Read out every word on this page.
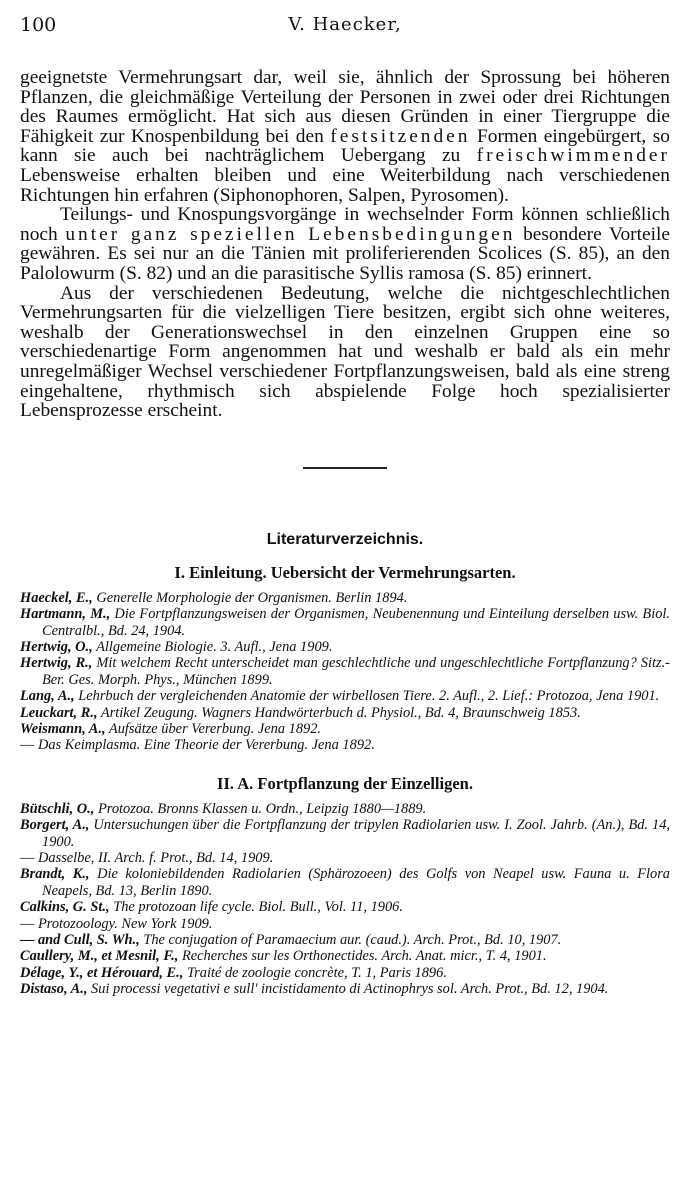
100	V. Haecker,

geeignetste Vermehrungsart dar, weil sie, ähnlich der Sprossung bei höheren Pflanzen, die gleichmäßige Verteilung der Personen in zwei oder drei Richtungen des Raumes ermöglicht. Hat sich aus diesen Gründen in einer Tiergruppe die Fähigkeit zur Knospenbildung bei den festsitzenden Formen eingebürgert, so kann sie auch bei nachträglichem Uebergang zu freischwimmender Lebensweise erhalten bleiben und eine Weiterbildung nach verschiedenen Richtungen hin erfahren (Siphonophoren, Salpen, Pyrosomen).

Teilungs- und Knospungsvorgänge in wechselnder Form können schließlich noch unter ganz speziellen Lebensbedingungen besondere Vorteile gewähren. Es sei nur an die Tänien mit proliferierenden Scolices (S. 85), an den Palolowurm (S. 82) und an die parasitische Syllis ramosa (S. 85) erinnert.

Aus der verschiedenen Bedeutung, welche die nichtgeschlechtlichen Vermehrungsarten für die vielzelligen Tiere besitzen, ergibt sich ohne weiteres, weshalb der Generationswechsel in den einzelnen Gruppen eine so verschiedenartige Form angenommen hat und weshalb er bald als ein mehr unregelmäßiger Wechsel verschiedener Fortpflanzungsweisen, bald als eine streng eingehaltene, rhythmisch sich abspielende Folge hoch spezialisierter Lebensprozesse erscheint.

Literaturverzeichnis.
I. Einleitung. Uebersicht der Vermehrungsarten.
Haeckel, E., Generelle Morphologie der Organismen. Berlin 1894.
Hartmann, M., Die Fortpflanzungsweisen der Organismen, Neubenennung und Einteilung derselben usw. Biol. Centralbl., Bd. 24, 1904.
Hertwig, O., Allgemeine Biologie. 3. Aufl., Jena 1909.
Hertwig, R., Mit welchem Recht unterscheidet man geschlechtliche und ungeschlechtliche Fortpflanzung? Sitz.-Ber. Ges. Morph. Phys., München 1899.
Lang, A., Lehrbuch der vergleichenden Anatomie der wirbellosen Tiere. 2. Aufl., 2. Lief.: Protozoa, Jena 1901.
Leuckart, R., Artikel Zeugung. Wagners Handwörterbuch d. Physiol., Bd. 4, Braunschweig 1853.
Weismann, A., Aufsätze über Vererbung. Jena 1892.
— Das Keimplasma. Eine Theorie der Vererbung. Jena 1892.
II. A. Fortpflanzung der Einzelligen.
Bütschli, O., Protozoa. Bronns Klassen u. Ordn., Leipzig 1880—1889.
Borgert, A., Untersuchungen über die Fortpflanzung der tripylen Radiolarien usw. I. Zool. Jahrb. (An.), Bd. 14, 1900.
— Dasselbe, II. Arch. f. Prot., Bd. 14, 1909.
Brandt, K., Die koloniebildenden Radiolarien (Sphärozoeen) des Golfs von Neapel usw. Fauna u. Flora Neapels, Bd. 13, Berlin 1890.
Calkins, G. St., The protozoan life cycle. Biol. Bull., Vol. 11, 1906.
— Protozoology. New York 1909.
— and Cull, S. Wh., The conjugation of Paramaecium aur. (caud.). Arch. Prot., Bd. 10, 1907.
Caullery, M., et Mesnil, F., Recherches sur les Orthonectides. Arch. Anat. micr., T. 4, 1901.
Délage, Y., et Hérouard, E., Traité de zoologie concrète, T. 1, Paris 1896.
Distaso, A., Sui processi vegetativi e sull' incistidamento di Actinophrys sol. Arch. Prot., Bd. 12, 1904.
